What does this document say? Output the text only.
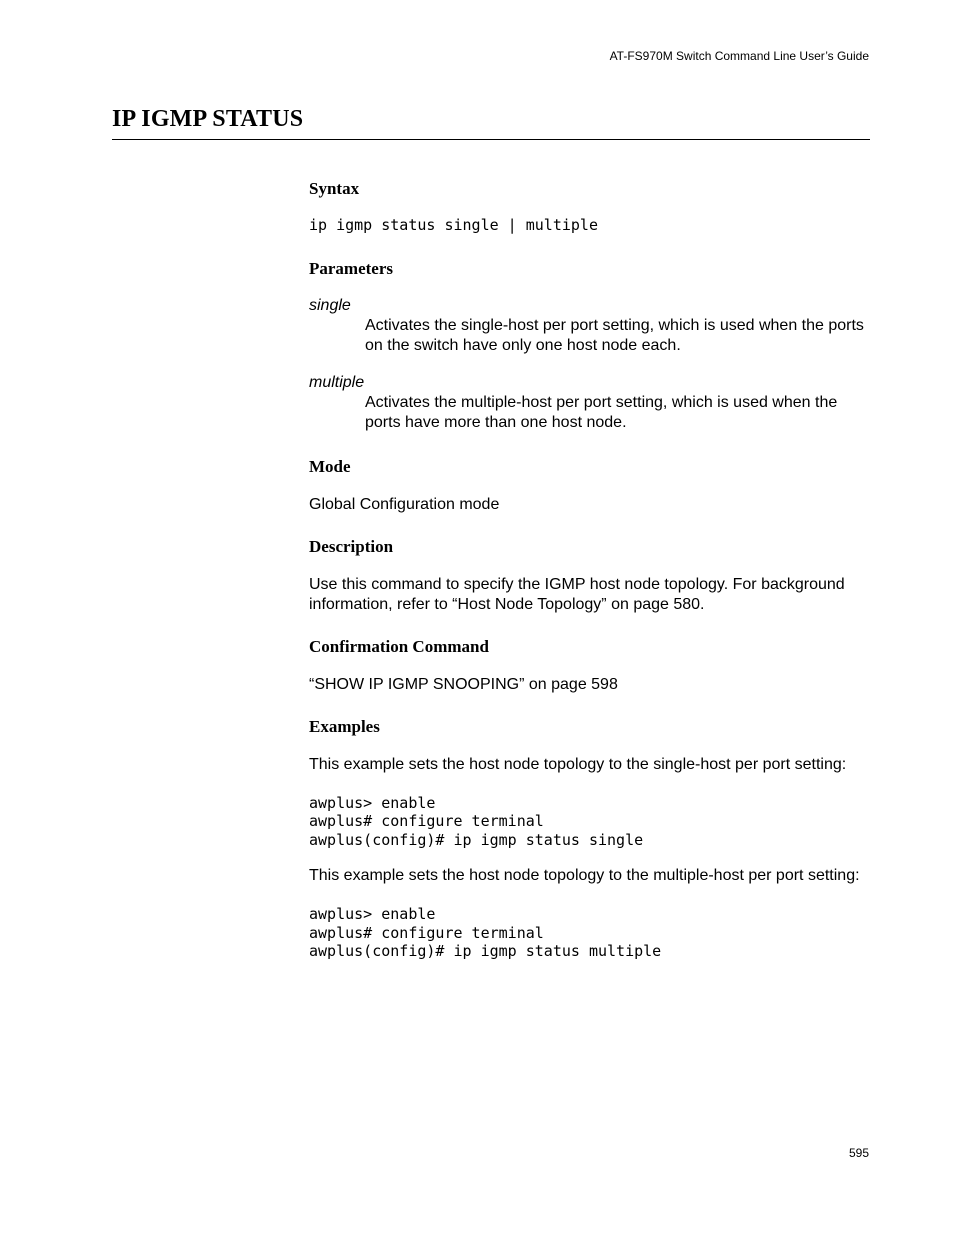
AT-FS970M Switch Command Line User’s Guide
IP IGMP STATUS
Syntax
ip igmp status single | multiple
Parameters
single

Activates the single-host per port setting, which is used when the ports on the switch have only one host node each.

multiple

Activates the multiple-host per port setting, which is used when the ports have more than one host node.

Mode

Global Configuration mode

Description

Use this command to specify the IGMP host node topology. For background information, refer to “Host Node Topology” on page 580.

Confirmation Command

“SHOW IP IGMP SNOOPING” on page 598

Examples

This example sets the host node topology to the single-host per port setting:

awplus> enable
awplus# configure terminal
awplus(config)# ip igmp status single

This example sets the host node topology to the multiple-host per port setting:

awplus> enable
awplus# configure terminal
awplus(config)# ip igmp status multiple
595
